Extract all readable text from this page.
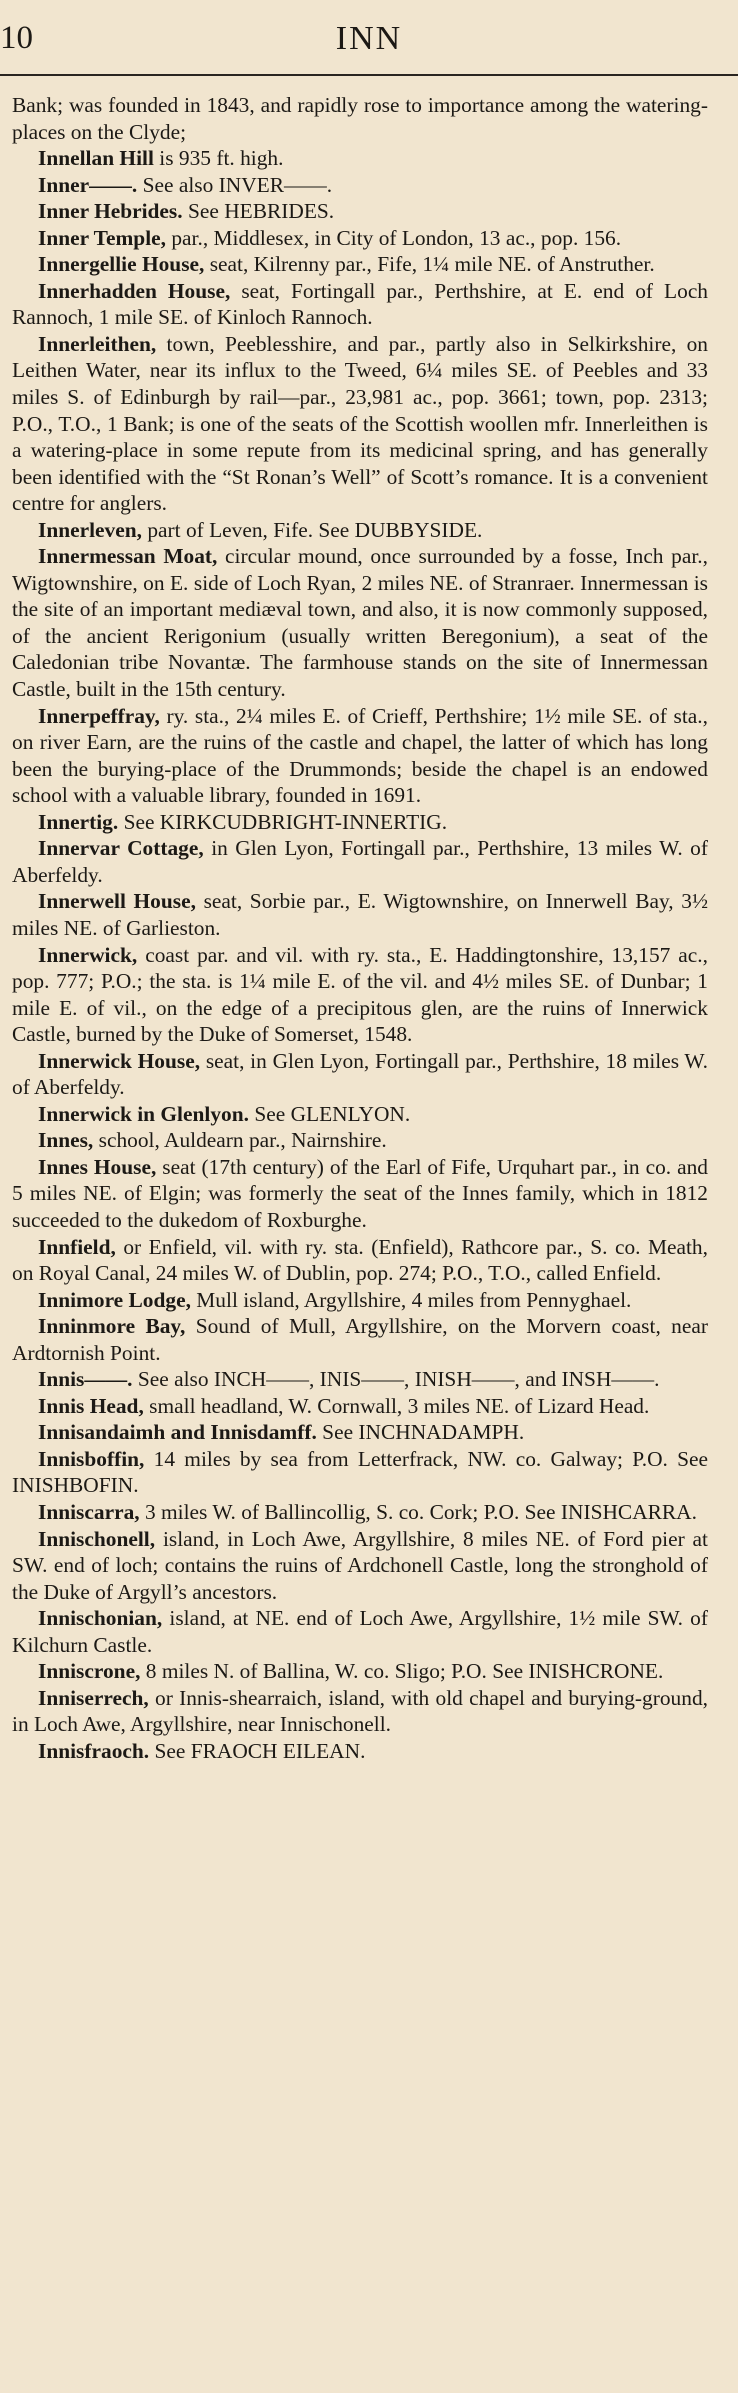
10	INN

Bank; was founded in 1843, and rapidly rose to importance among the watering-places on the Clyde;

Innellan Hill is 935 ft. high.

Inner——. See also INVER——.

Inner Hebrides. See HEBRIDES.

Inner Temple, par., Middlesex, in City of London, 13 ac., pop. 156.

Innergellie House, seat, Kilrenny par., Fife, 1¼ mile NE. of Anstruther.

Innerhadden House, seat, Fortingall par., Perthshire, at E. end of Loch Rannoch, 1 mile SE. of Kinloch Rannoch.

Innerleithen, town, Peeblesshire, and par., partly also in Selkirkshire, on Leithen Water, near its influx to the Tweed, 6¼ miles SE. of Peebles and 33 miles S. of Edinburgh by rail—par., 23,981 ac., pop. 3661; town, pop. 2313; P.O., T.O., 1 Bank; is one of the seats of the Scottish woollen mfr. Innerleithen is a watering-place in some repute from its medicinal spring, and has generally been identified with the “St Ronan’s Well” of Scott’s romance. It is a convenient centre for anglers.

Innerleven, part of Leven, Fife. See DUBBYSIDE.

Innermessan Moat, circular mound, once surrounded by a fosse, Inch par., Wigtownshire, on E. side of Loch Ryan, 2 miles NE. of Stranraer. Innermessan is the site of an important mediæval town, and also, it is now commonly supposed, of the ancient Rerigonium (usually written Beregonium), a seat of the Caledonian tribe Novantæ. The farmhouse stands on the site of Innermessan Castle, built in the 15th century.

Innerpeffray, ry. sta., 2¼ miles E. of Crieff, Perthshire; 1½ mile SE. of sta., on river Earn, are the ruins of the castle and chapel, the latter of which has long been the burying-place of the Drummonds; beside the chapel is an endowed school with a valuable library, founded in 1691.

Innertig. See KIRKCUDBRIGHT-INNERTIG.

Innervar Cottage, in Glen Lyon, Fortingall par., Perthshire, 13 miles W. of Aberfeldy.

Innerwell House, seat, Sorbie par., E. Wigtownshire, on Innerwell Bay, 3½ miles NE. of Garlieston.

Innerwick, coast par. and vil. with ry. sta., E. Haddingtonshire, 13,157 ac., pop. 777; P.O.; the sta. is 1¼ mile E. of the vil. and 4½ miles SE. of Dunbar; 1 mile E. of vil., on the edge of a precipitous glen, are the ruins of Innerwick Castle, burned by the Duke of Somerset, 1548.

Innerwick House, seat, in Glen Lyon, Fortingall par., Perthshire, 18 miles W. of Aberfeldy.

Innerwick in Glenlyon. See GLENLYON.

Innes, school, Auldearn par., Nairnshire.

Innes House, seat (17th century) of the Earl of Fife, Urquhart par., in co. and 5 miles NE. of Elgin; was formerly the seat of the Innes family, which in 1812 succeeded to the dukedom of Roxburghe.

Innfield, or Enfield, vil. with ry. sta. (Enfield), Rathcore par., S. co. Meath, on Royal Canal, 24 miles W. of Dublin, pop. 274; P.O., T.O., called Enfield.

Innimore Lodge, Mull island, Argyllshire, 4 miles from Pennyghael.

Inninmore Bay, Sound of Mull, Argyllshire, on the Morvern coast, near Ardtornish Point.

Innis——. See also INCH——, INIS——, INISH——, and INSH——.

Innis Head, small headland, W. Cornwall, 3 miles NE. of Lizard Head.

Innisandaimh and Innisdamff. See INCHNADAMPH.

Innisboffin, 14 miles by sea from Letterfrack, NW. co. Galway; P.O. See INISHBOFIN.

Inniscarra, 3 miles W. of Ballincollig, S. co. Cork; P.O. See INISHCARRA.

Innischonell, island, in Loch Awe, Argyllshire, 8 miles NE. of Ford pier at SW. end of loch; contains the ruins of Ardchonell Castle, long the stronghold of the Duke of Argyll’s ancestors.

Innischonian, island, at NE. end of Loch Awe, Argyllshire, 1½ mile SW. of Kilchurn Castle.

Inniscrone, 8 miles N. of Ballina, W. co. Sligo; P.O. See INISHCRONE.

Inniserrech, or Innis-shearraich, island, with old chapel and burying-ground, in Loch Awe, Argyllshire, near Innischonell.

Innisfraoch. See FRAOCH EILEAN.
